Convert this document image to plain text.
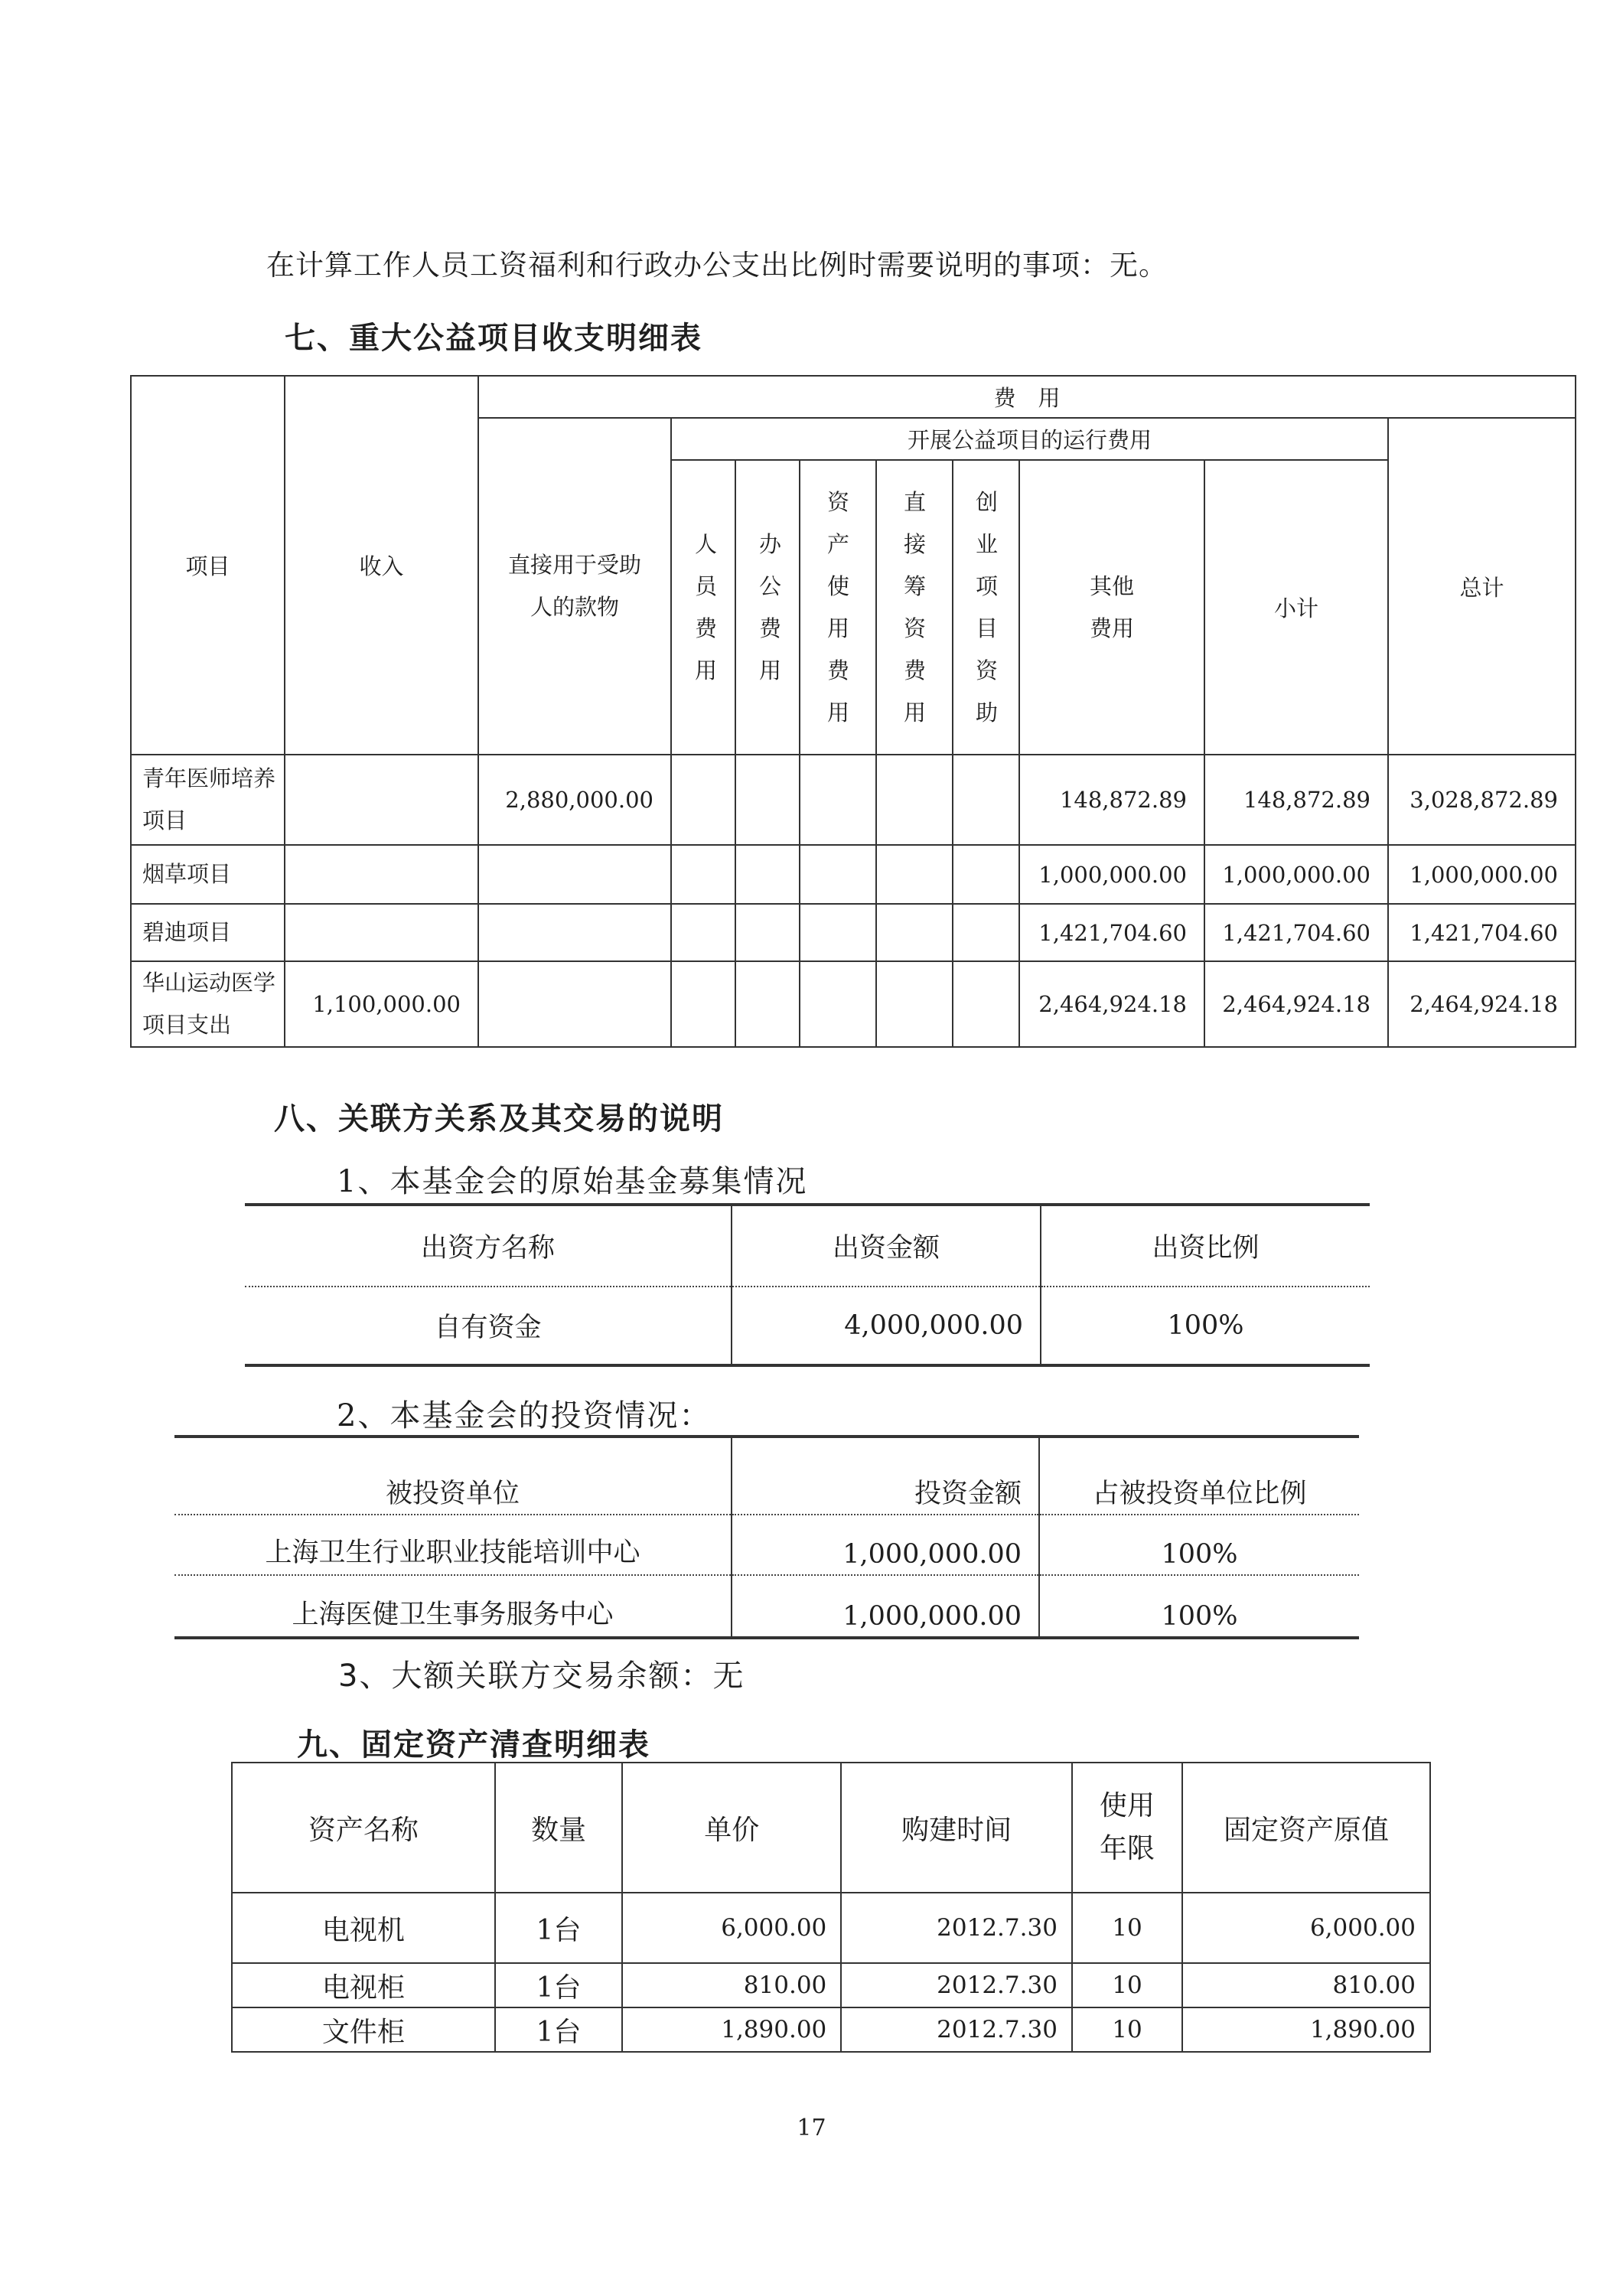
在计算工作人员工资福利和行政办公支出比例时需要说明的事项：无。
七、重大公益项目收支明细表
项目	收入	费　用								
		直接用于受助人的款物	开展公益项目的运行费用							总计
			人员费用	办公费用	资产使用费用	直接筹资费用	创业项目资助	其他费用	小计	
青年医师培养项目		2,880,000.00						148,872.89	148,872.89	3,028,872.89
烟草项目								1,000,000.00	1,000,000.00	1,000,000.00
碧迪项目								1,421,704.60	1,421,704.60	1,421,704.60
华山运动医学项目支出	1,100,000.00							2,464,924.18	2,464,924.18	2,464,924.18
八、关联方关系及其交易的说明
1、本基金会的原始基金募集情况
出资方名称	出资金额	出资比例
自有资金	4,000,000.00	100%
2、本基金会的投资情况：
被投资单位	投资金额	占被投资单位比例
上海卫生行业职业技能培训中心	1,000,000.00	100%
上海医健卫生事务服务中心	1,000,000.00	100%
3、大额关联方交易余额：无
九、固定资产清查明细表
资产名称	数量	单价	购建时间	使用年限	固定资产原值
电视机	1台	6,000.00	2012.7.30	10	6,000.00
电视柜	1台	810.00	2012.7.30	10	810.00
文件柜	1台	1,890.00	2012.7.30	10	1,890.00
17
